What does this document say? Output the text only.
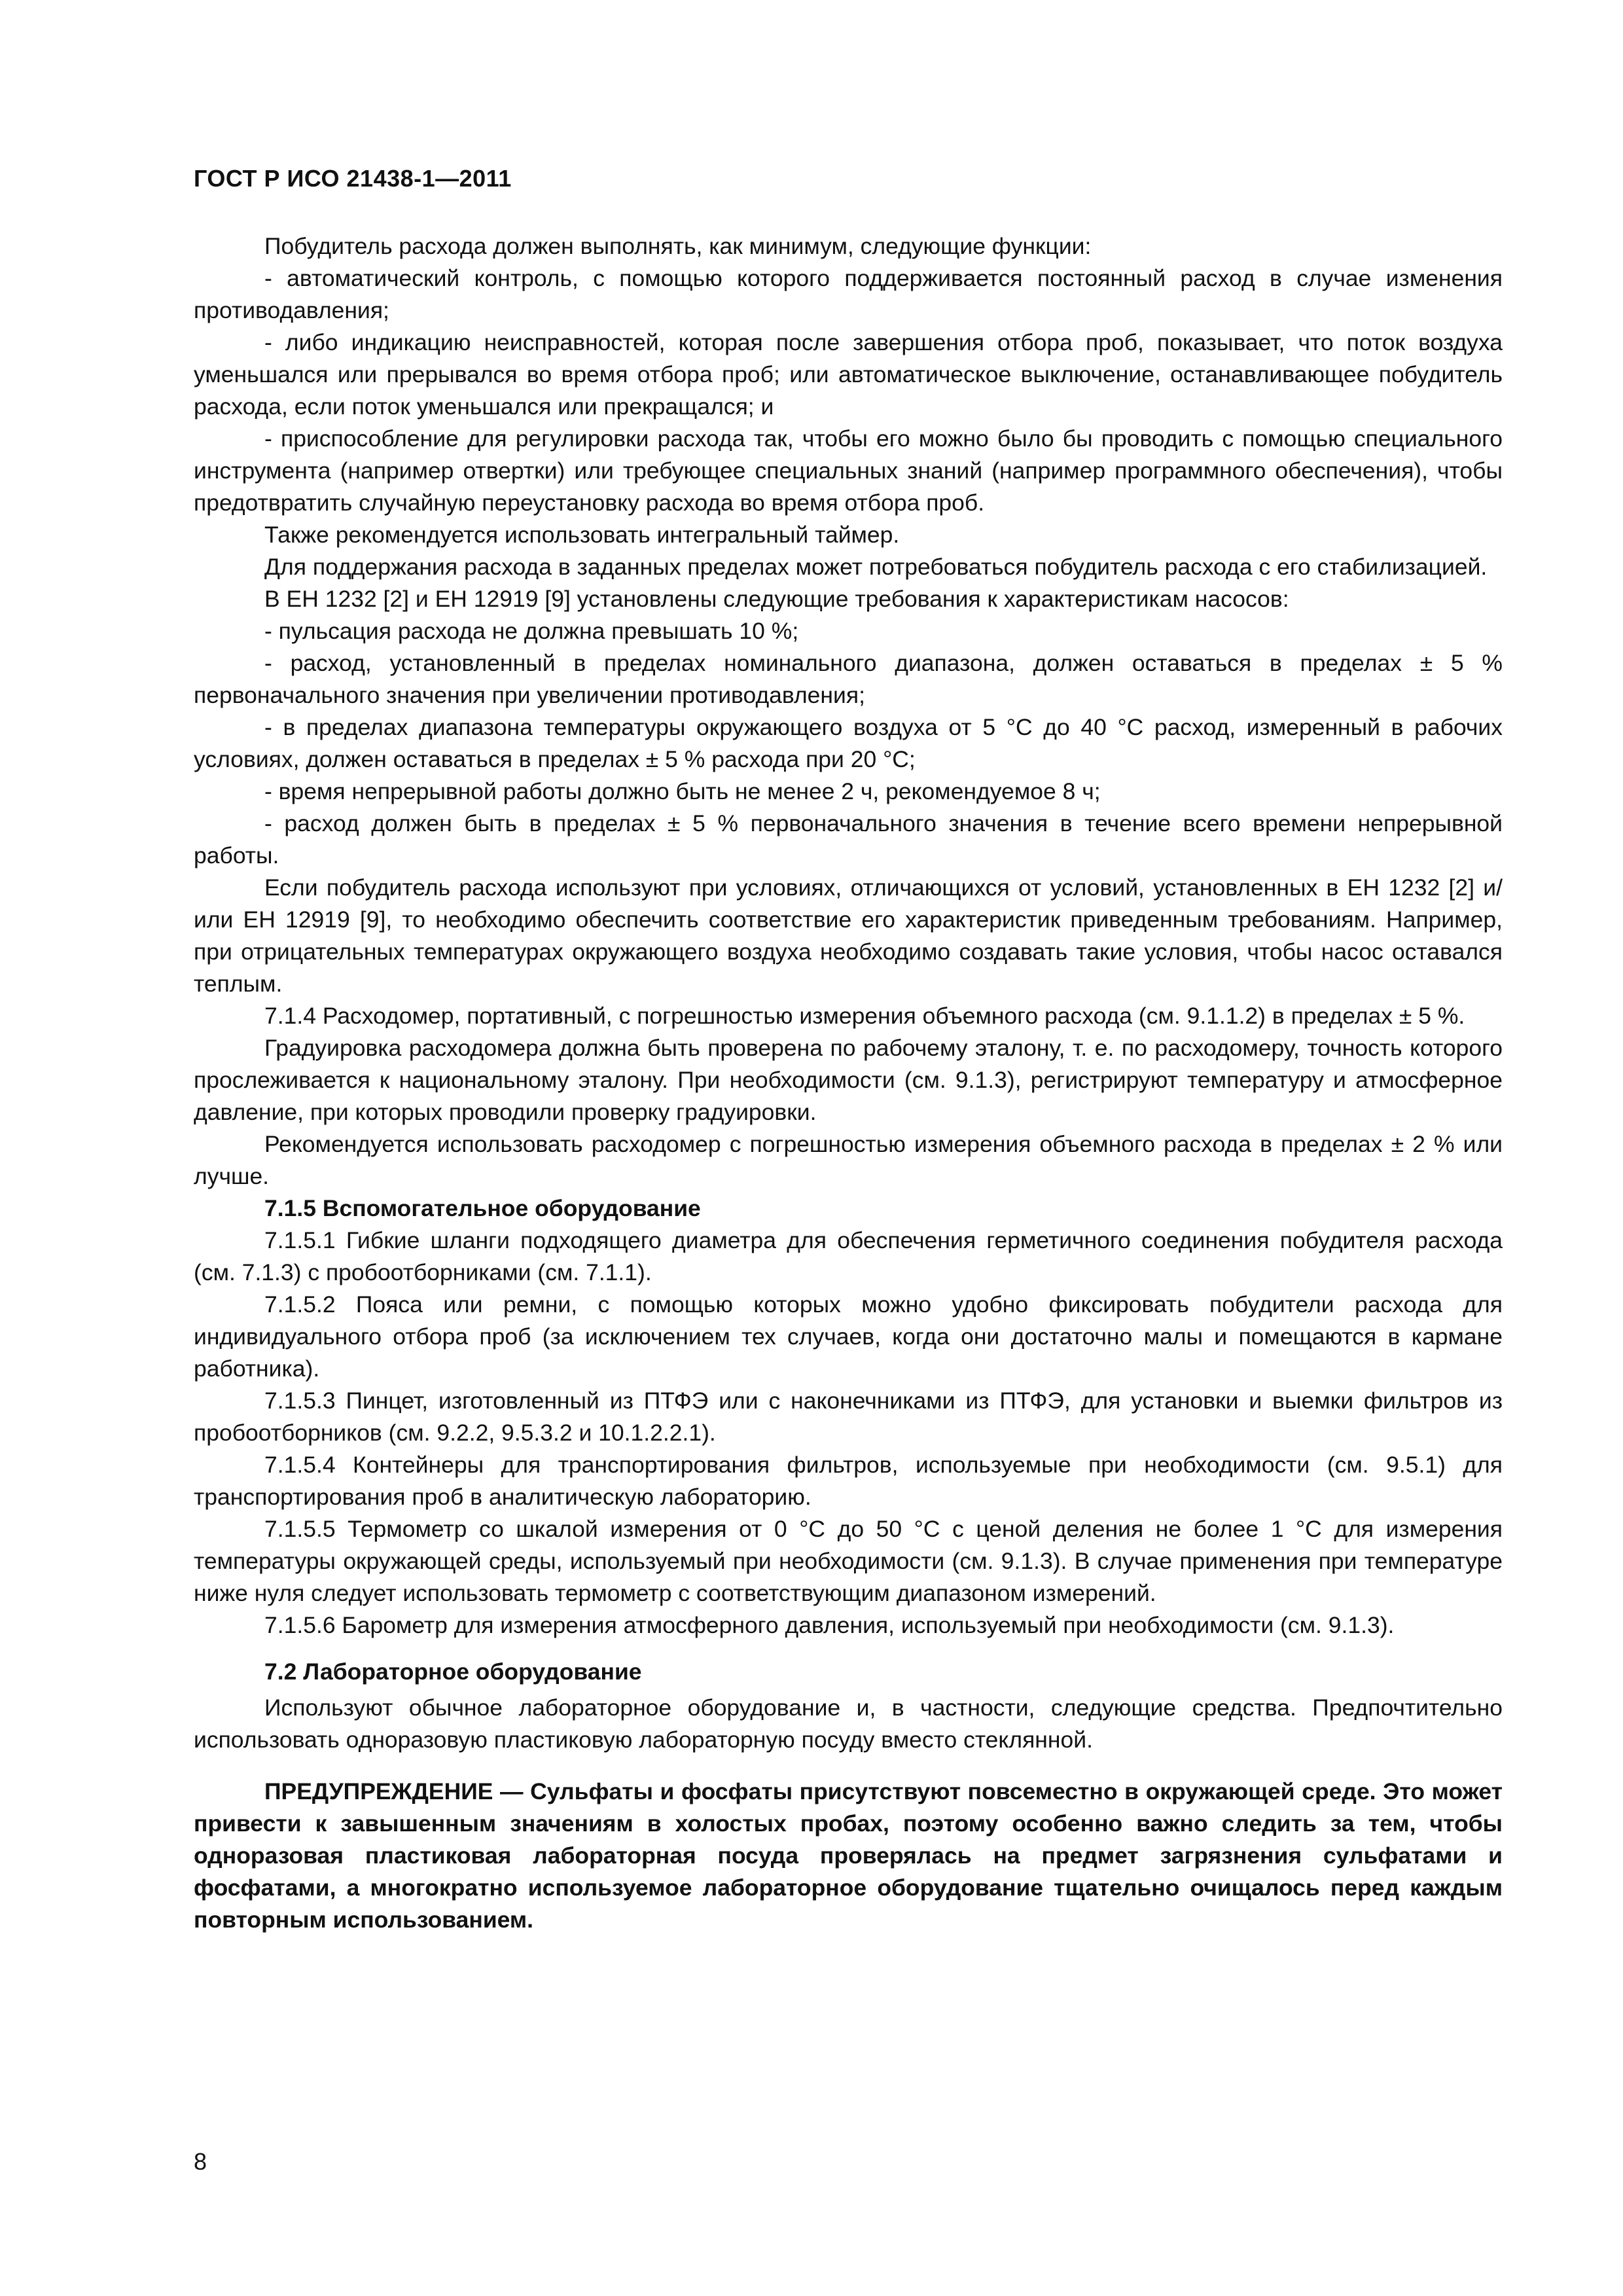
ГОСТ Р ИСО 21438-1—2011

Побудитель расхода должен выполнять, как минимум, следующие функции:

- автоматический контроль, с помощью которого поддерживается постоянный расход в случае изменения противодавления;

- либо индикацию неисправностей, которая после завершения отбора проб, показывает, что поток воздуха уменьшался или прерывался во время отбора проб; или автоматическое выключение, останавливающее побудитель расхода, если поток уменьшался или прекращался; и

- приспособление для регулировки расхода так, чтобы его можно было бы проводить с помощью специального инструмента (например отвертки) или требующее специальных знаний (например программного обеспечения), чтобы предотвратить случайную переустановку расхода во время отбора проб.

Также рекомендуется использовать интегральный таймер.

Для поддержания расхода в заданных пределах может потребоваться побудитель расхода с его стабилизацией.

В ЕН 1232 [2] и ЕН 12919 [9] установлены следующие требования к характеристикам насосов:

- пульсация расхода не должна превышать 10 %;

- расход, установленный в пределах номинального диапазона, должен оставаться в пределах ± 5 % первоначального значения при увеличении противодавления;

- в пределах диапазона температуры окружающего воздуха от 5 °С до 40 °С расход, измеренный в рабочих условиях, должен оставаться в пределах ± 5 % расхода при 20 °С;

- время непрерывной работы должно быть не менее 2 ч, рекомендуемое 8 ч;

- расход должен быть в пределах ± 5 % первоначального значения в течение всего времени непрерывной работы.

Если побудитель расхода используют при условиях, отличающихся от условий, установленных в ЕН 1232 [2] и/или ЕН 12919 [9], то необходимо обеспечить соответствие его характеристик приведенным требованиям. Например, при отрицательных температурах окружающего воздуха необходимо создавать такие условия, чтобы насос оставался теплым.

7.1.4 Расходомер, портативный, с погрешностью измерения объемного расхода (см. 9.1.1.2) в пределах ± 5 %.

Градуировка расходомера должна быть проверена по рабочему эталону, т. е. по расходомеру, точность которого прослеживается к национальному эталону. При необходимости (см. 9.1.3), регистрируют температуру и атмосферное давление, при которых проводили проверку градуировки.

Рекомендуется использовать расходомер с погрешностью измерения объемного расхода в пределах ± 2 % или лучше.

7.1.5 Вспомогательное оборудование

7.1.5.1 Гибкие шланги подходящего диаметра для обеспечения герметичного соединения побудителя расхода (см. 7.1.3) с пробоотборниками (см. 7.1.1).

7.1.5.2 Пояса или ремни, с помощью которых можно удобно фиксировать побудители расхода для индивидуального отбора проб (за исключением тех случаев, когда они достаточно малы и помещаются в кармане работника).

7.1.5.3 Пинцет, изготовленный из ПТФЭ или с наконечниками из ПТФЭ, для установки и выемки фильтров из пробоотборников (см. 9.2.2, 9.5.3.2 и 10.1.2.2.1).

7.1.5.4 Контейнеры для транспортирования фильтров, используемые при необходимости (см. 9.5.1) для транспортирования проб в аналитическую лабораторию.

7.1.5.5 Термометр со шкалой измерения от 0 °С до 50 °С с ценой деления не более 1 °С для измерения температуры окружающей среды, используемый при необходимости (см. 9.1.3). В случае применения при температуре ниже нуля следует использовать термометр с соответствующим диапазоном измерений.

7.1.5.6 Барометр для измерения атмосферного давления, используемый при необходимости (см. 9.1.3).

7.2 Лабораторное оборудование

Используют обычное лабораторное оборудование и, в частности, следующие средства. Предпочтительно использовать одноразовую пластиковую лабораторную посуду вместо стеклянной.

ПРЕДУПРЕЖДЕНИЕ — Сульфаты и фосфаты присутствуют повсеместно в окружающей среде. Это может привести к завышенным значениям в холостых пробах, поэтому особенно важно следить за тем, чтобы одноразовая пластиковая лабораторная посуда проверялась на предмет загрязнения сульфатами и фосфатами, а многократно используемое лабораторное оборудование тщательно очищалось перед каждым повторным использованием.

8
